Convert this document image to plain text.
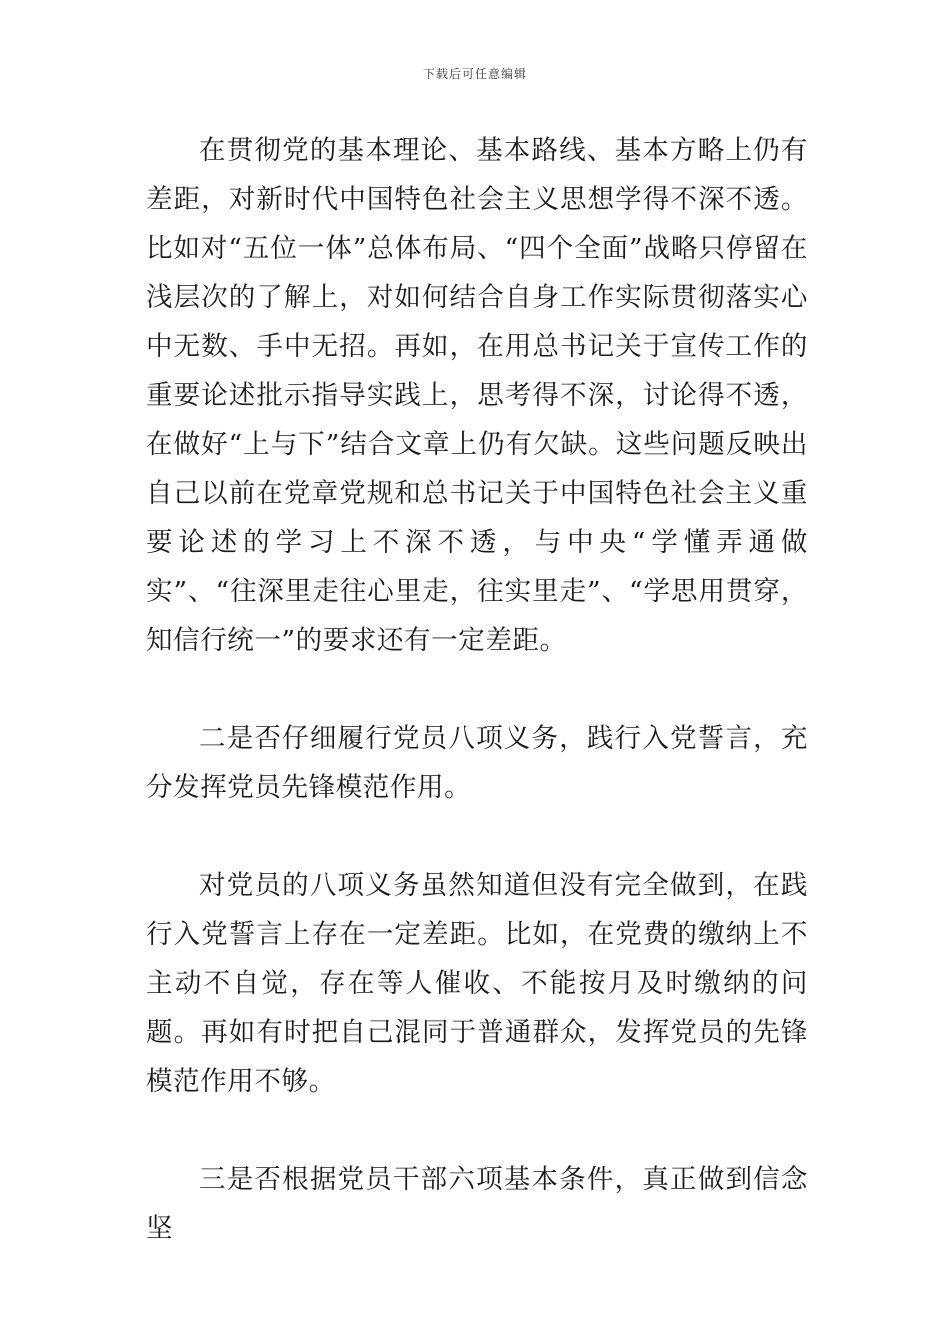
下载后可任意编辑

在贯彻党的基本理论、基本路线、基本方略上仍有差距，对新时代中国特色社会主义思想学得不深不透。比如对“五位一体”总体布局、“四个全面”战略只停留在浅层次的了解上，对如何结合自身工作实际贯彻落实心中无数、手中无招。再如，在用总书记关于宣传工作的重要论述批示指导实践上，思考得不深，讨论得不透，在做好“上与下”结合文章上仍有欠缺。这些问题反映出自己以前在党章党规和总书记关于中国特色社会主义重要论述的学习上不深不透，与中央“学懂弄通做实”、“往深里走往心里走，往实里走”、“学思用贯穿，知信行统一”的要求还有一定差距。

二是否仔细履行党员八项义务，践行入党誓言，充分发挥党员先锋模范作用。

对党员的八项义务虽然知道但没有完全做到，在践行入党誓言上存在一定差距。比如，在党费的缴纳上不主动不自觉，存在等人催收、不能按月及时缴纳的问题。再如有时把自己混同于普通群众，发挥党员的先锋模范作用不够。

三是否根据党员干部六项基本条件，真正做到信念坚
